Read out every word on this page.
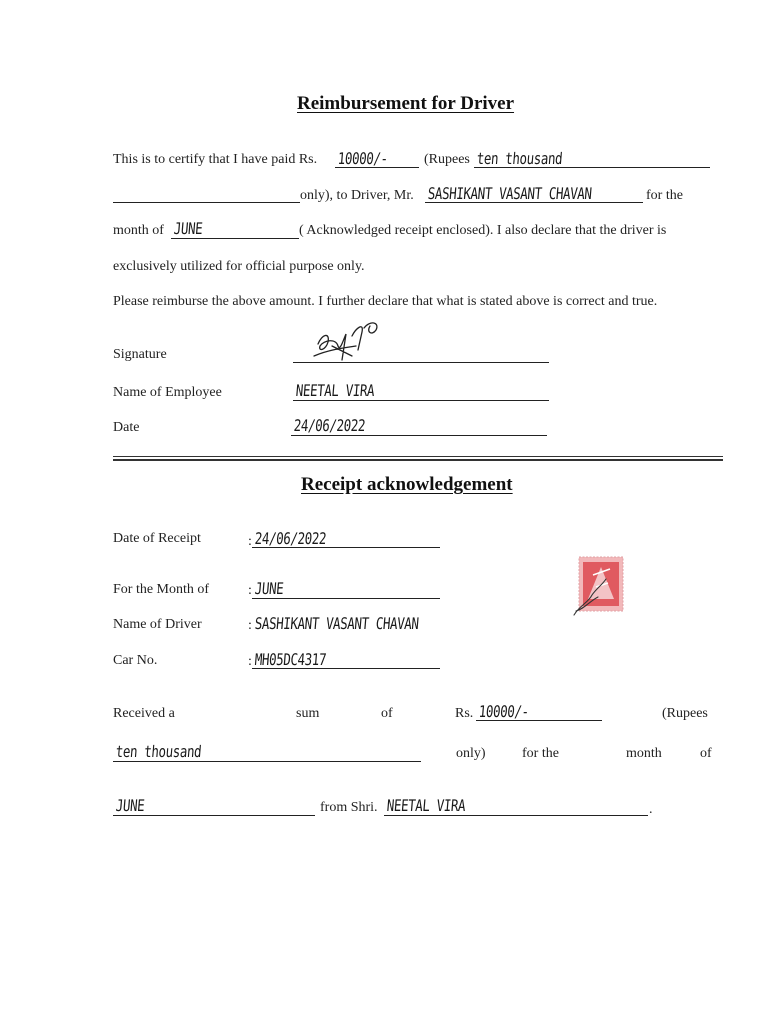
Reimbursement for Driver
This is to certify that I have paid Rs. 10000/-	(Rupees ten thousand
only), to Driver, Mr. SASHIKANT VASANT CHAVAN	for the
month of JUNE	( Acknowledged receipt enclosed). I also declare that the driver is
exclusively utilized for official purpose only.
Please reimburse the above amount. I further declare that what is stated above is correct and true.
Signature
Name of Employee	NEETAL VIRA
Date	24/06/2022
Receipt acknowledgement
Date of Receipt	: 24/06/2022
For the Month of	: JUNE
Name of Driver	: SASHIKANT VASANT CHAVAN
Car No.	: MH05DC4317
Received a	sum	of	Rs. 10000/-	(Rupees
ten thousand	only)	for the	month	of
JUNE	from Shri. NEETAL VIRA	.
